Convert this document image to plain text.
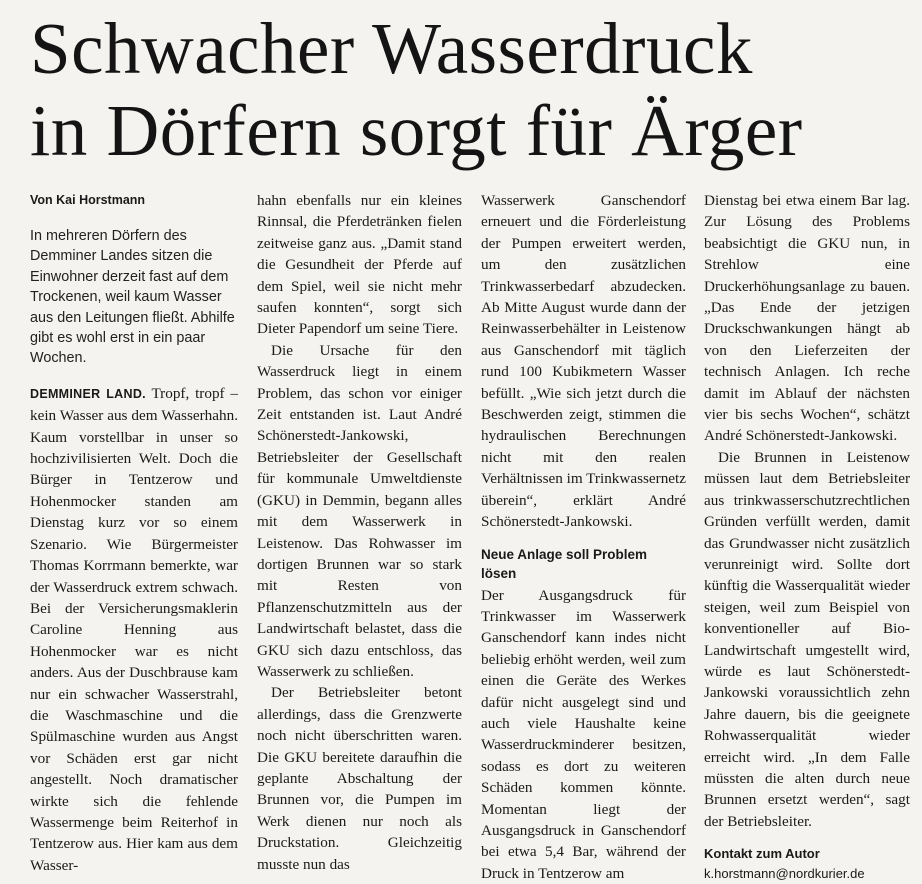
Schwacher Wasserdruck
in Dörfern sorgt für Ärger
Von Kai Horstmann
In mehreren Dörfern des Demminer Landes sitzen die Einwohner derzeit fast auf dem Trockenen, weil kaum Wasser aus den Leitungen fließt. Abhilfe gibt es wohl erst in ein paar Wochen.

DEMMINER LAND. Tropf, tropf – kein Wasser aus dem Wasserhahn. Kaum vorstellbar in unser so hochzivilisierten Welt. Doch die Bürger in Tentzerow und Hohenmocker standen am Dienstag kurz vor so einem Szenario. Wie Bürgermeister Thomas Korrmann bemerkte, war der Wasserdruck extrem schwach. Bei der Versicherungsmaklerin Caroline Henning aus Hohenmocker war es nicht anders. Aus der Duschbrause kam nur ein schwacher Wasserstrahl, die Waschmaschine und die Spülmaschine wurden aus Angst vor Schäden erst gar nicht angestellt. Noch dramatischer wirkte sich die fehlende Wassermenge beim Reiterhof in Tentzerow aus. Hier kam aus dem Wasser-

hahn ebenfalls nur ein kleines Rinnsal, die Pferdetränken fielen zeitweise ganz aus. „Damit stand die Gesundheit der Pferde auf dem Spiel, weil sie nicht mehr saufen konnten“, sorgt sich Dieter Papendorf um seine Tiere.

Die Ursache für den Wasserdruck liegt in einem Problem, das schon vor einiger Zeit entstanden ist. Laut André Schönerstedt-Jankowski, Betriebsleiter der Gesellschaft für kommunale Umweltdienste (GKU) in Demmin, begann alles mit dem Wasserwerk in Leistenow. Das Rohwasser im dortigen Brunnen war so stark mit Resten von Pflanzenschutzmitteln aus der Landwirtschaft belastet, dass die GKU sich dazu entschloss, das Wasserwerk zu schließen.

Der Betriebsleiter betont allerdings, dass die Grenzwerte noch nicht überschritten waren. Die GKU bereitete daraufhin die geplante Abschaltung der Brunnen vor, die Pumpen im Werk dienen nur noch als Druckstation. Gleichzeitig musste nun das

Wasserwerk Ganschendorf erneuert und die Förderleistung der Pumpen erweitert werden, um den zusätzlichen Trinkwasserbedarf abzudecken. Ab Mitte August wurde dann der Reinwasserbehälter in Leistenow aus Ganschendorf mit täglich rund 100 Kubikmetern Wasser befüllt. „Wie sich jetzt durch die Beschwerden zeigt, stimmen die hydraulischen Berechnungen nicht mit den realen Verhältnissen im Trinkwassernetz überein“, erklärt André Schönerstedt-Jankowski.

Neue Anlage soll Problem lösen

Der Ausgangsdruck für Trinkwasser im Wasserwerk Ganschendorf kann indes nicht beliebig erhöht werden, weil zum einen die Geräte des Werkes dafür nicht ausgelegt sind und auch viele Haushalte keine Wasserdruckminderer besitzen, sodass es dort zu weiteren Schäden kommen könnte. Momentan liegt der Ausgangsdruck in Ganschendorf bei etwa 5,4 Bar, während der Druck in Tentzerow am

Dienstag bei etwa einem Bar lag. Zur Lösung des Problems beabsichtigt die GKU nun, in Strehlow eine Druckerhöhungsanlage zu bauen. „Das Ende der jetzigen Druckschwankungen hängt ab von den Lieferzeiten der technisch Anlagen. Ich reche damit im Ablauf der nächsten vier bis sechs Wochen“, schätzt André Schönerstedt-Jankowski.

Die Brunnen in Leistenow müssen laut dem Betriebsleiter aus trinkwasserschutzrechtlichen Gründen verfüllt werden, damit das Grundwasser nicht zusätzlich verunreinigt wird. Sollte dort künftig die Wasserqualität wieder steigen, weil zum Beispiel von konventioneller auf Bio-Landwirtschaft umgestellt wird, würde es laut Schönerstedt-Jankowski voraussichtlich zehn Jahre dauern, bis die geeignete Rohwasserqualität wieder erreicht wird. „In dem Falle müssten die alten durch neue Brunnen ersetzt werden“, sagt der Betriebsleiter.

Kontakt zum Autor
k.horstmann@nordkurier.de
